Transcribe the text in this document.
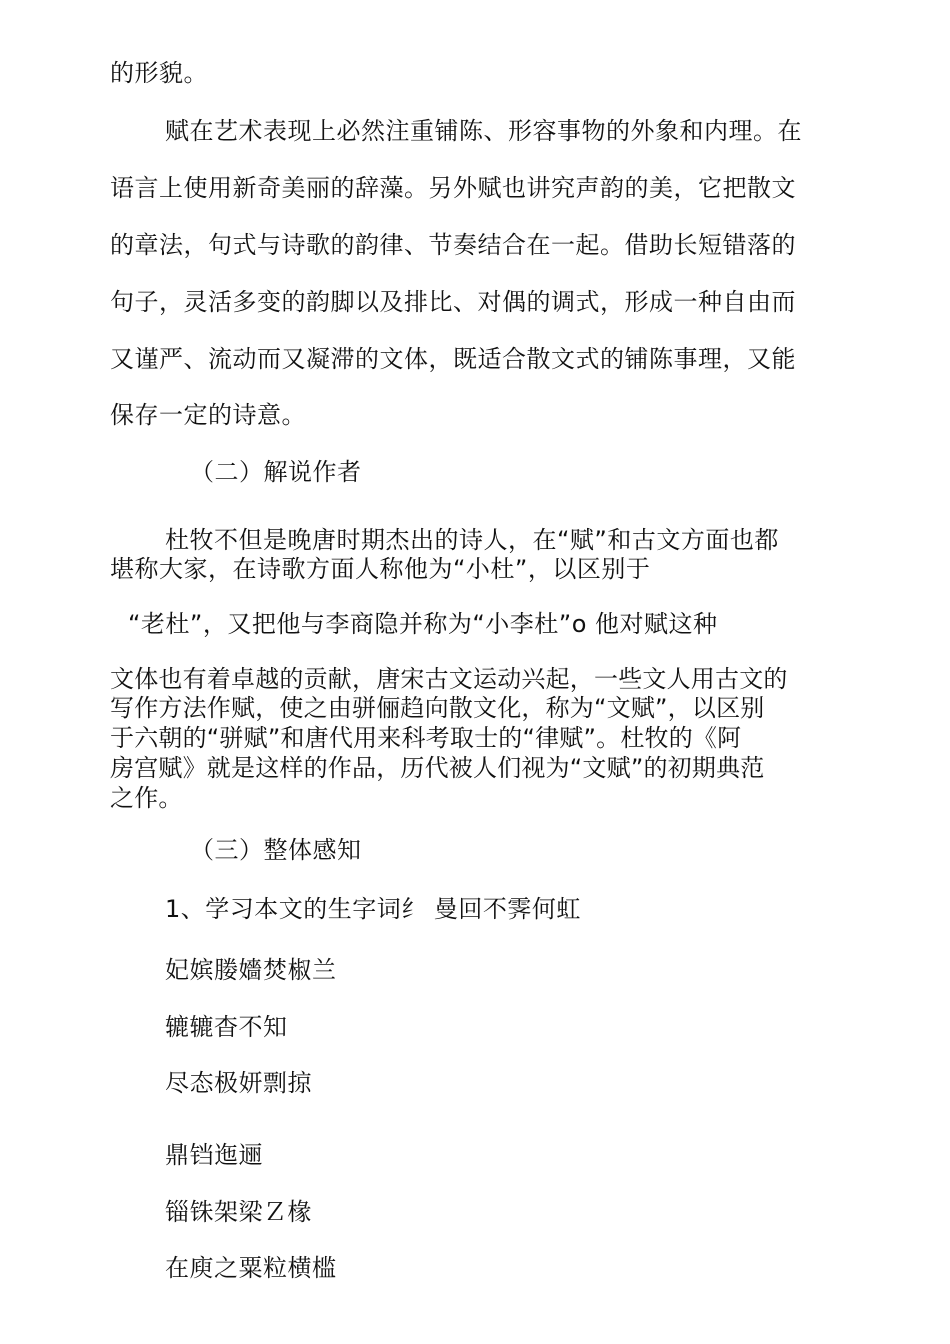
的形貌。
赋在艺术表现上必然注重铺陈、形容事物的外象和内理。在
语言上使用新奇美丽的辞藻。另外赋也讲究声韵的美，它把散文
的章法，句式与诗歌的韵律、节奏结合在一起。借助长短错落的
句子，灵活多变的韵脚以及排比、对偶的调式，形成一种自由而
又谨严、流动而又凝滞的文体，既适合散文式的铺陈事理，又能
保存一定的诗意。
（二）解说作者
杜牧不但是晚唐时期杰出的诗人，在“赋”和古文方面也都
堪称大家，在诗歌方面人称他为“小杜”，以区别于
“老杜”，又把他与李商隐并称为“小李杜”o 他对赋这种
文体也有着卓越的贡献，唐宋古文运动兴起，一些文人用古文的
写作方法作赋，使之由骈俪趋向散文化，称为“文赋”，以区别
于六朝的“骈赋”和唐代用来科考取士的“律赋”。杜牧的《阿
房宫赋》就是这样的作品，历代被人们视为“文赋”的初期典范
之作。
（三）整体感知
1、学习本文的生字词纟 曼回不霁何虹
妃嫔媵嬙焚椒兰
辘辘杳不知
尽态极妍剽掠
鼎铛迤逦
锱铢架梁Ｚ椽
在庾之粟粒横槛
